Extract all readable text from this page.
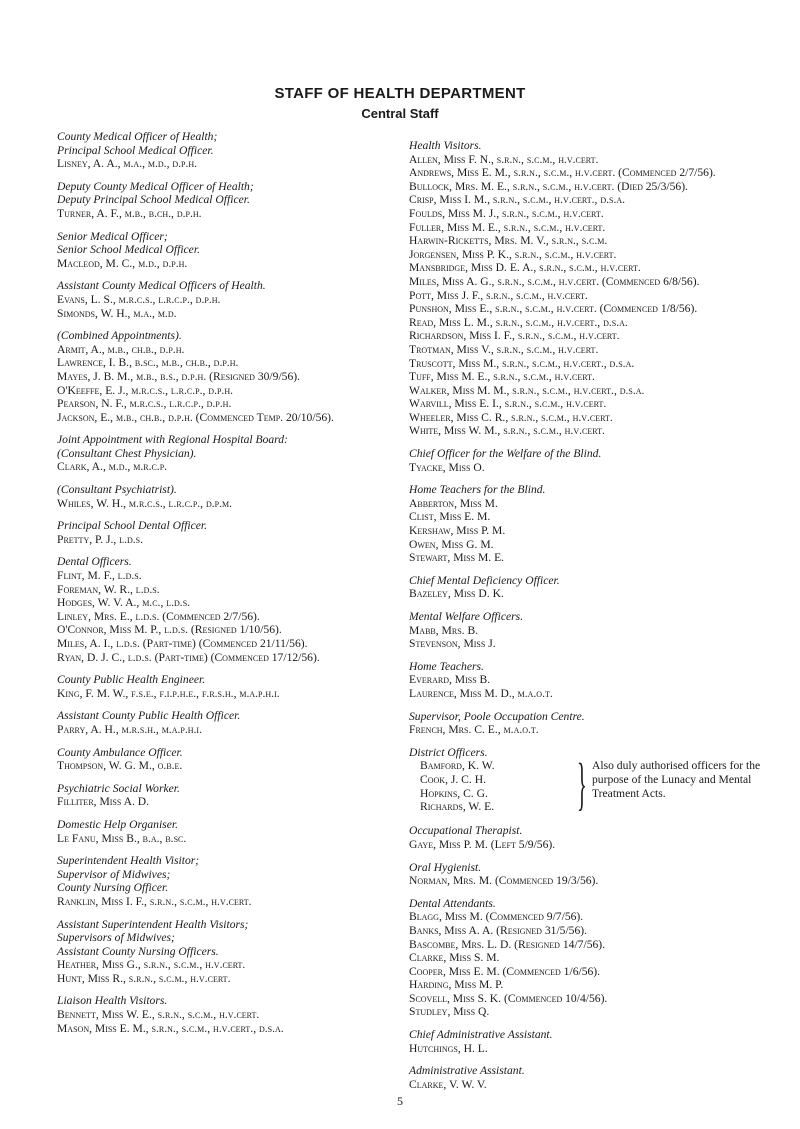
STAFF OF HEALTH DEPARTMENT
Central Staff
County Medical Officer of Health;
Principal School Medical Officer.
Lisney, A. A., m.a., m.d., d.p.h.
Deputy County Medical Officer of Health;
Deputy Principal School Medical Officer.
Turner, A. F., m.b., b.ch., d.p.h.
Senior Medical Officer;
Senior School Medical Officer.
Macleod, M. C., m.d., d.p.h.
Assistant County Medical Officers of Health.
Evans, L. S., m.r.c.s., l.r.c.p., d.p.h.
Simonds, W. H., m.a., m.d.
(Combined Appointments).
Armit, A., m.b., ch.b., d.p.h.
Lawrence, I. B., b.sc., m.b., ch.b., d.p.h.
Mayes, J. B. M., m.b., b.s., d.p.h. (Resigned 30/9/56).
O'Keeffe, E. J., m.r.c.s., l.r.c.p., d.p.h.
Pearson, N. F., m.r.c.s., l.r.c.p., d.p.h.
Jackson, E., m.b., ch.b., d.p.h. (Commenced Temp. 20/10/56).
Joint Appointment with Regional Hospital Board:
(Consultant Chest Physician).
Clark, A., m.d., m.r.c.p.
(Consultant Psychiatrist).
Whiles, W. H., m.r.c.s., l.r.c.p., d.p.m.
Principal School Dental Officer.
Pretty, P. J., l.d.s.
Dental Officers.
Flint, M. F., l.d.s.
Foreman, W. R., l.d.s.
Hodges, W. V. A., m.c., l.d.s.
Linley, Mrs. E., l.d.s. (Commenced 2/7/56).
O'Connor, Miss M. P., l.d.s. (Resigned 1/10/56).
Miles, A. I., l.d.s. (Part-time) (Commenced 21/11/56).
Ryan, D. J. C., l.d.s. (Part-time) (Commenced 17/12/56).
County Public Health Engineer.
King, F. M. W., f.s.e., f.i.p.h.e., f.r.s.h., m.a.p.h.i.
Assistant County Public Health Officer.
Parry, A. H., m.r.s.h., m.a.p.h.i.
County Ambulance Officer.
Thompson, W. G. M., o.b.e.
Psychiatric Social Worker.
Filliter, Miss A. D.
Domestic Help Organiser.
Le Fanu, Miss B., b.a., b.sc.
Superintendent Health Visitor;
Supervisor of Midwives;
County Nursing Officer.
Ranklin, Miss I. F., s.r.n., s.c.m., h.v.cert.
Assistant Superintendent Health Visitors;
Supervisors of Midwives;
Assistant County Nursing Officers.
Heather, Miss G., s.r.n., s.c.m., h.v.cert.
Hunt, Miss R., s.r.n., s.c.m., h.v.cert.
Liaison Health Visitors.
Bennett, Miss W. E., s.r.n., s.c.m., h.v.cert.
Mason, Miss E. M., s.r.n., s.c.m., h.v.cert., d.s.a.
Health Visitors.
Allen, Miss F. N., s.r.n., s.c.m., h.v.cert.
Andrews, Miss E. M., s.r.n., s.c.m., h.v.cert. (Commenced 2/7/56).
Bullock, Mrs. M. E., s.r.n., s.c.m., h.v.cert. (Died 25/3/56).
Crisp, Miss I. M., s.r.n., s.c.m., h.v.cert., d.s.a.
Foulds, Miss M. J., s.r.n., s.c.m., h.v.cert.
Fuller, Miss M. E., s.r.n., s.c.m., h.v.cert.
Harwin-Ricketts, Mrs. M. V., s.r.n., s.c.m.
Jorgensen, Miss P. K., s.r.n., s.c.m., h.v.cert.
Mansbridge, Miss D. E. A., s.r.n., s.c.m., h.v.cert.
Miles, Miss A. G., s.r.n., s.c.m., h.v.cert. (Commenced 6/8/56).
Pott, Miss J. F., s.r.n., s.c.m., h.v.cert.
Punshon, Miss E., s.r.n., s.c.m., h.v.cert. (Commenced 1/8/56).
Read, Miss L. M., s.r.n., s.c.m., h.v.cert., d.s.a.
Richardson, Miss I. F., s.r.n., s.c.m., h.v.cert.
Trotman, Miss V., s.r.n., s.c.m., h.v.cert.
Truscott, Miss M., s.r.n., s.c.m., h.v.cert., d.s.a.
Tuff, Miss M. E., s.r.n., s.c.m., h.v.cert.
Walker, Miss M. M., s.r.n., s.c.m., h.v.cert., d.s.a.
Warvill, Miss E. I., s.r.n., s.c.m., h.v.cert.
Wheeler, Miss C. R., s.r.n., s.c.m., h.v.cert.
White, Miss W. M., s.r.n., s.c.m., h.v.cert.
Chief Officer for the Welfare of the Blind.
Tyacke, Miss O.
Home Teachers for the Blind.
Abberton, Miss M.
Clist, Miss E. M.
Kershaw, Miss P. M.
Owen, Miss G. M.
Stewart, Miss M. E.
Chief Mental Deficiency Officer.
Bazeley, Miss D. K.
Mental Welfare Officers.
Mabb, Mrs. B.
Stevenson, Miss J.
Home Teachers.
Everard, Miss B.
Laurence, Miss M. D., m.a.o.t.
Supervisor, Poole Occupation Centre.
French, Mrs. C. E., m.a.o.t.
District Officers.
Bamford, K. W.
Cook, J. C. H.
Hopkins, C. G.
Richards, W. E.	} Also duly authorised officers for the purpose of the Lunacy and Mental Treatment Acts.
Occupational Therapist.
Gaye, Miss P. M. (Left 5/9/56).
Oral Hygienist.
Norman, Mrs. M. (Commenced 19/3/56).
Dental Attendants.
Blagg, Miss M. (Commenced 9/7/56).
Banks, Miss A. A. (Resigned 31/5/56).
Bascombe, Mrs. L. D. (Resigned 14/7/56).
Clarke, Miss S. M.
Cooper, Miss E. M. (Commenced 1/6/56).
Harding, Miss M. P.
Scovell, Miss S. K. (Commenced 10/4/56).
Studley, Miss Q.
Chief Administrative Assistant.
Hutchings, H. L.
Administrative Assistant.
Clarke, V. W. V.
5
